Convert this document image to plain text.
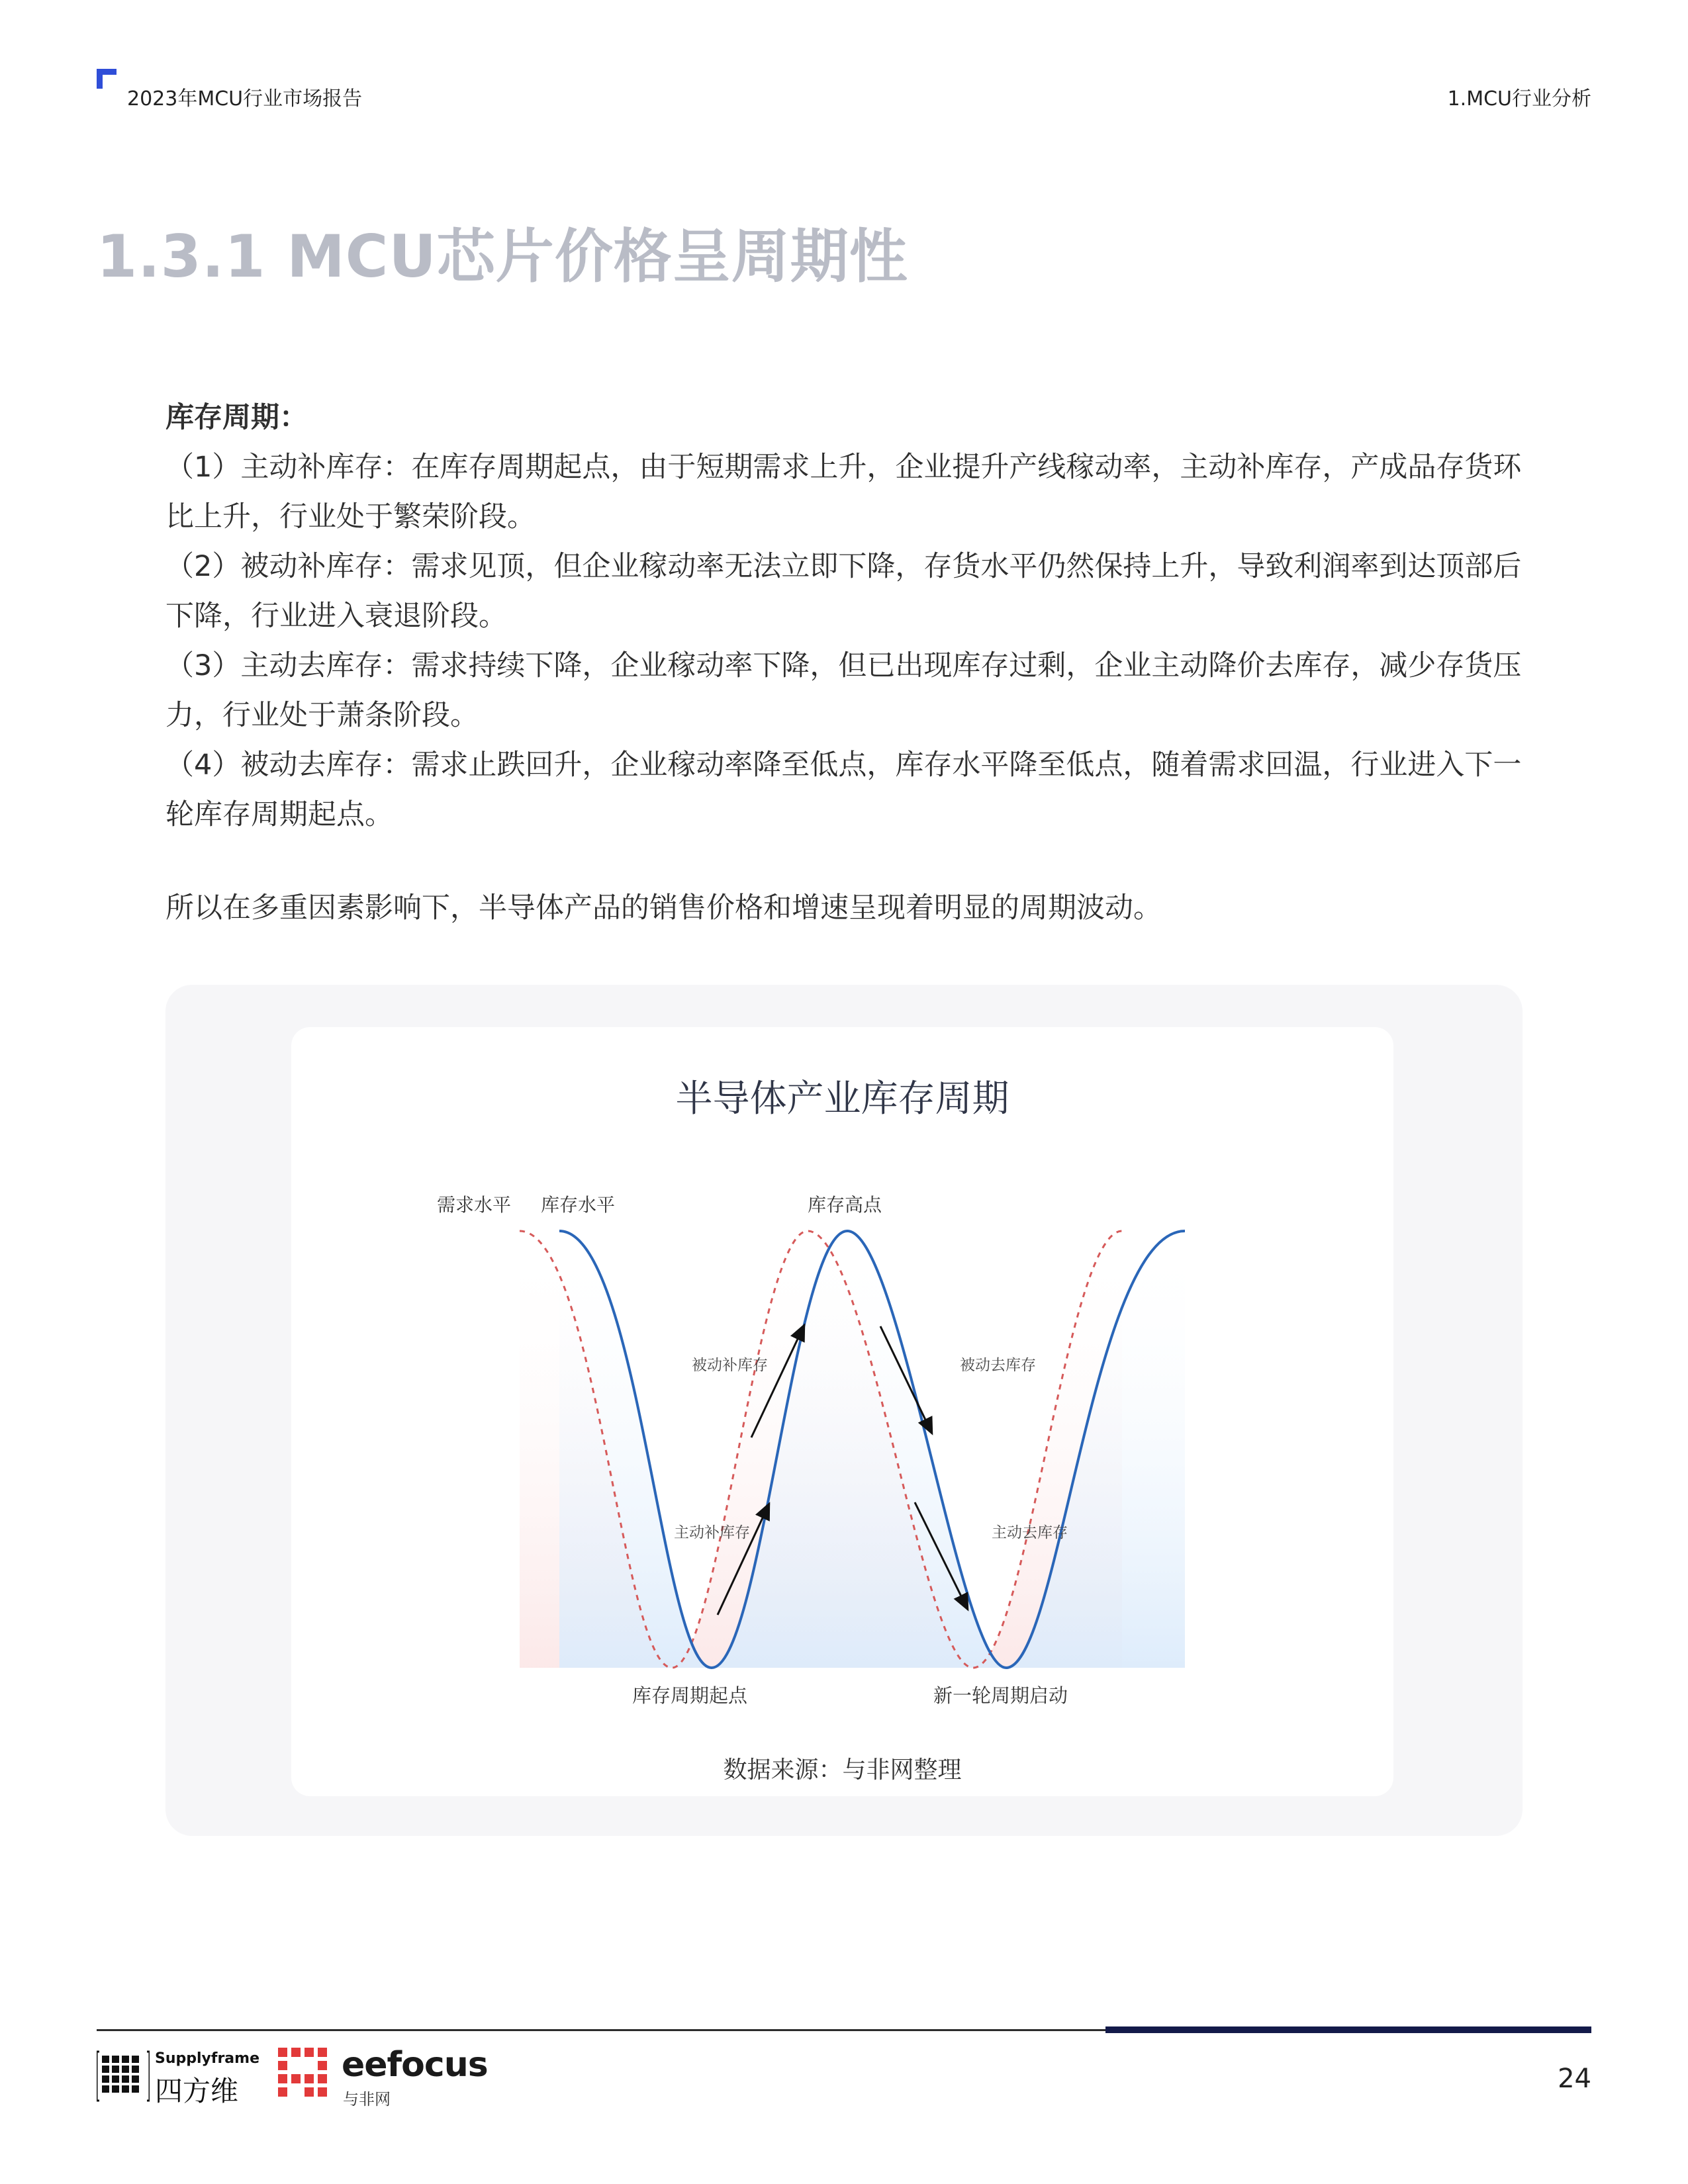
2023年MCU行业市场报告	1.MCU行业分析
1.3.1 MCU芯片价格呈周期性

库存周期：

（1）主动补库存：在库存周期起点，由于短期需求上升，企业提升产线稼动率，主动补库存，产成品存货环比上升，行业处于繁荣阶段。

（2）被动补库存：需求见顶，但企业稼动率无法立即下降，存货水平仍然保持上升，导致利润率到达顶部后下降，行业进入衰退阶段。

（3）主动去库存：需求持续下降，企业稼动率下降，但已出现库存过剩，企业主动降价去库存，减少存货压力，行业处于萧条阶段。

（4）被动去库存：需求止跌回升，企业稼动率降至低点，库存水平降至低点，随着需求回温，行业进入下一轮库存周期起点。

所以在多重因素影响下，半导体产品的销售价格和增速呈现着明显的周期波动。
半导体产业库存周期
需求水平 库存水平	库存高点
被动补库存
主动补库存
被动去库存
主动去库存
库存周期起点	新一轮周期启动
数据来源：与非网整理
Supplyframe
四方维
eefocus
与非网
24
